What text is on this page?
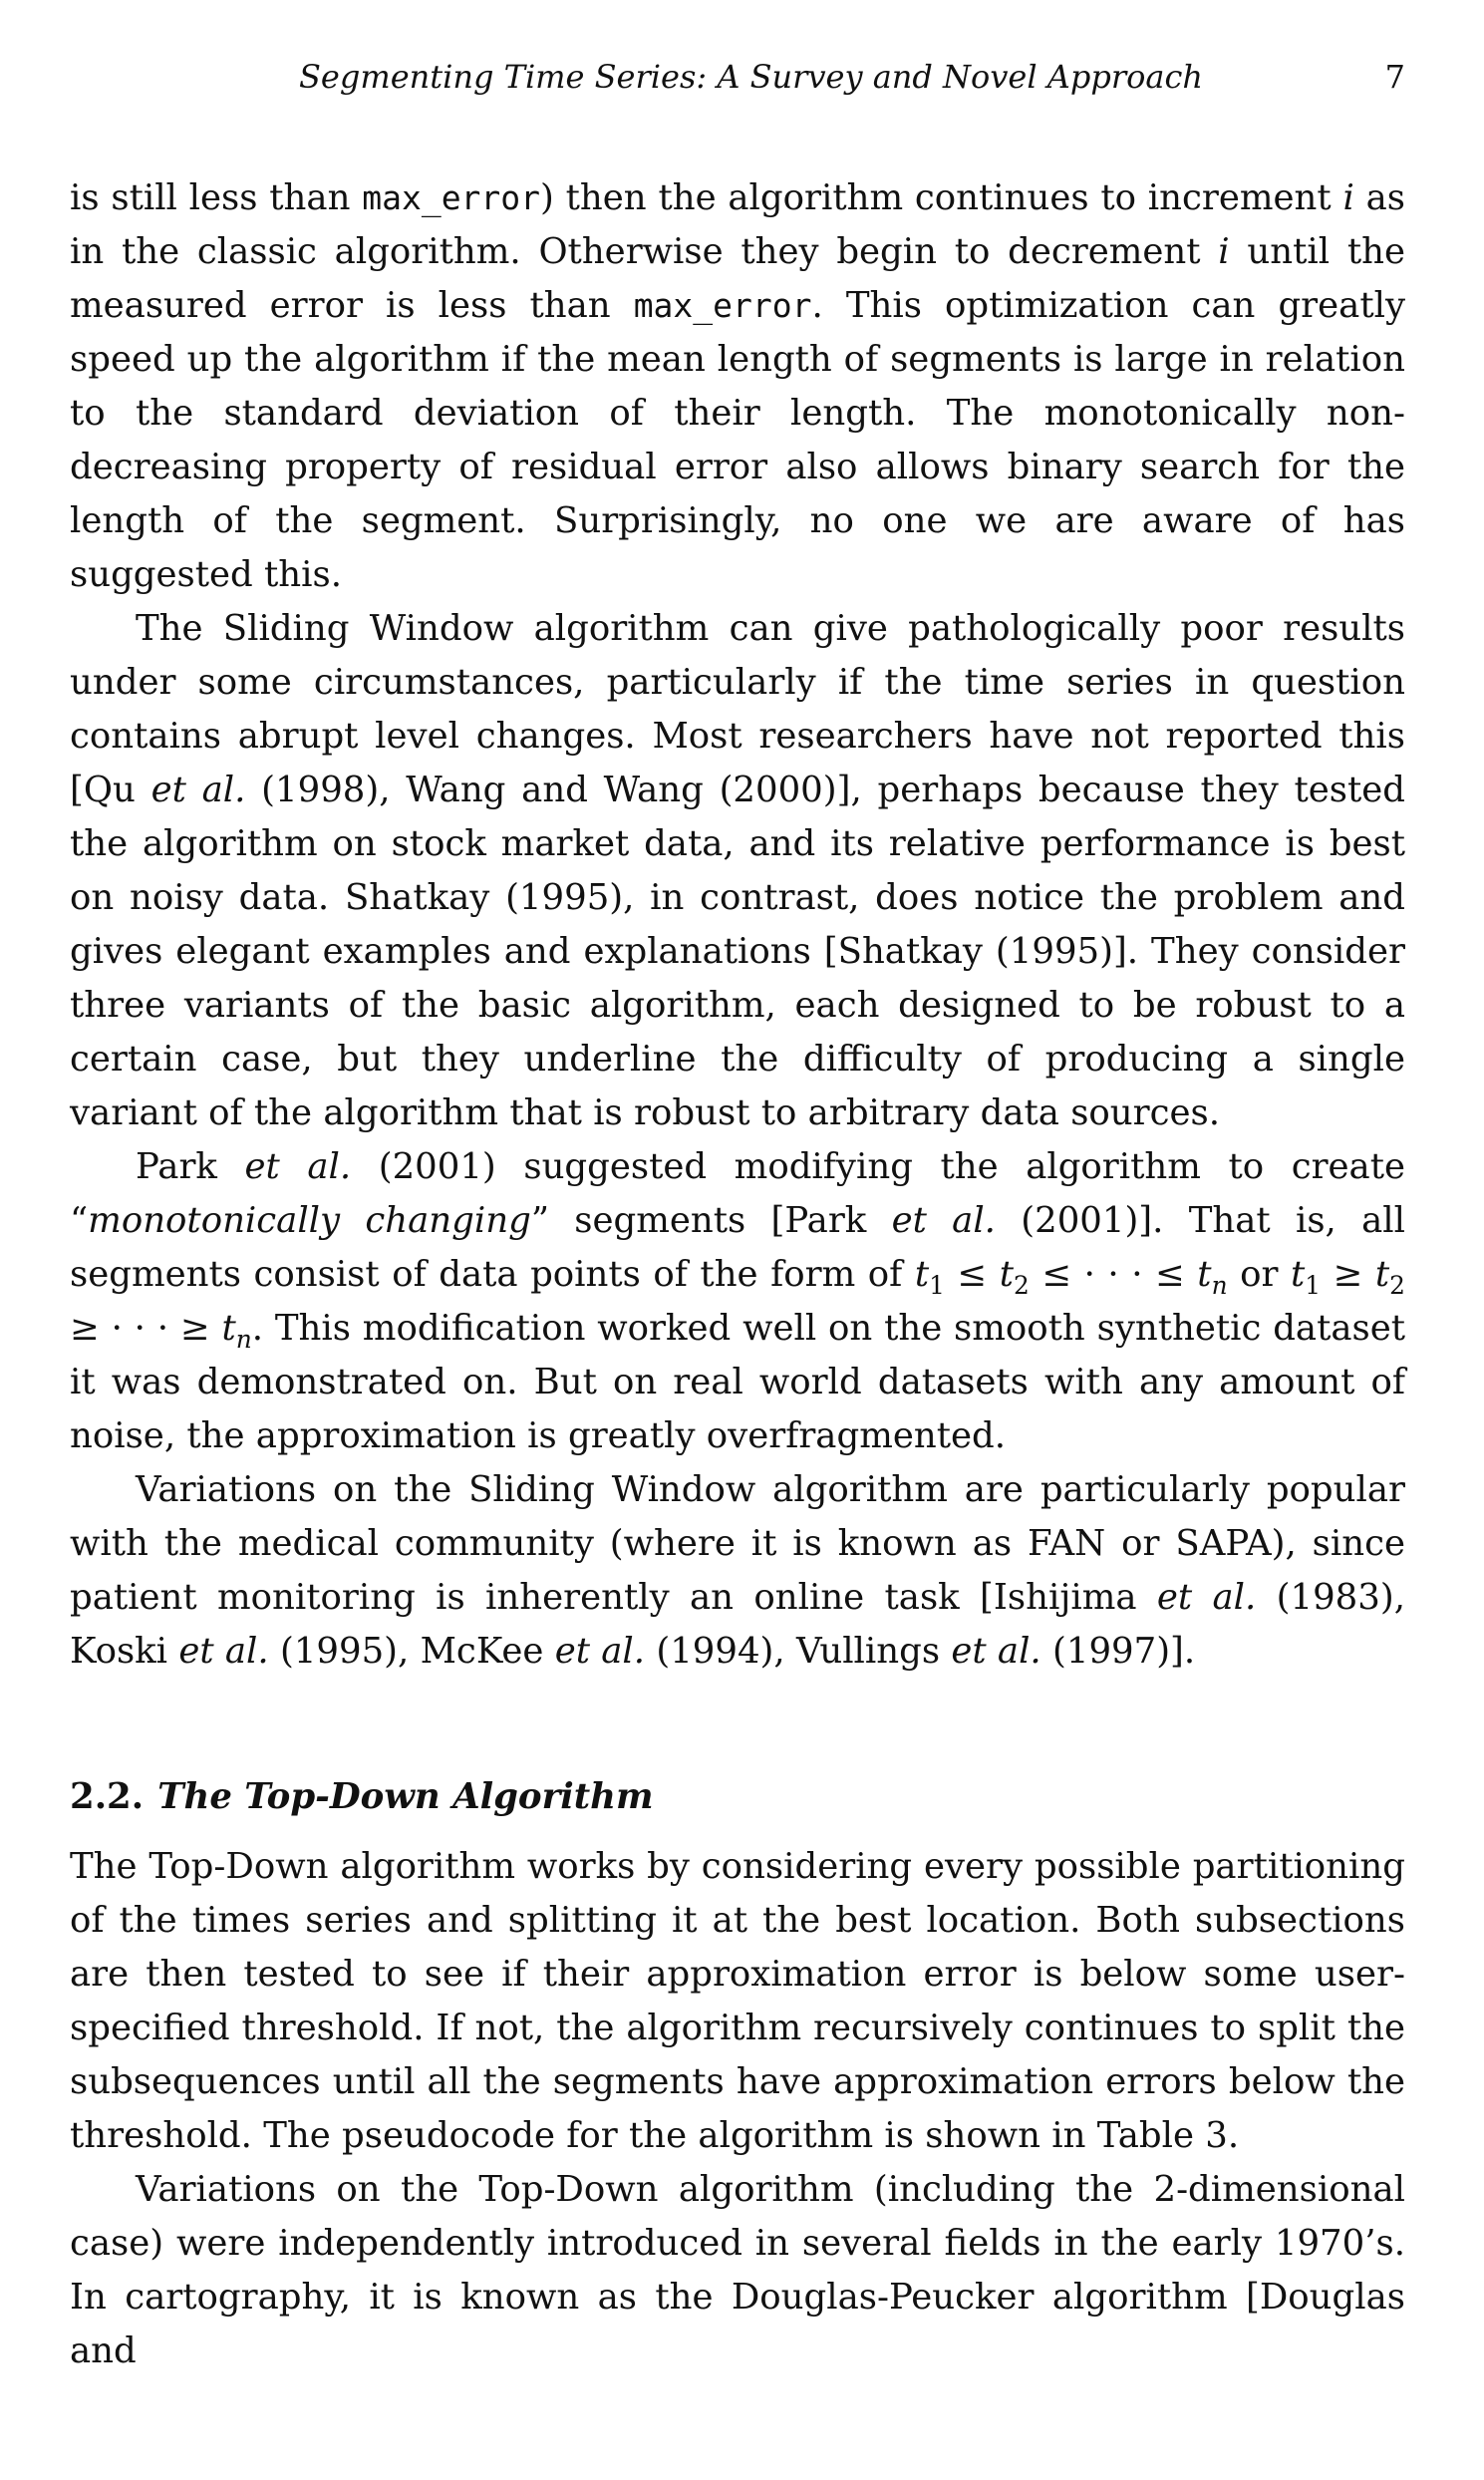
Segmenting Time Series: A Survey and Novel Approach	7

is still less than max_error) then the algorithm continues to increment i as in the classic algorithm. Otherwise they begin to decrement i until the measured error is less than max_error. This optimization can greatly speed up the algorithm if the mean length of segments is large in relation to the standard deviation of their length. The monotonically non-decreasing property of residual error also allows binary search for the length of the segment. Surprisingly, no one we are aware of has suggested this.

The Sliding Window algorithm can give pathologically poor results under some circumstances, particularly if the time series in question contains abrupt level changes. Most researchers have not reported this [Qu et al. (1998), Wang and Wang (2000)], perhaps because they tested the algorithm on stock market data, and its relative performance is best on noisy data. Shatkay (1995), in contrast, does notice the problem and gives elegant examples and explanations [Shatkay (1995)]. They consider three variants of the basic algorithm, each designed to be robust to a certain case, but they underline the difficulty of producing a single variant of the algorithm that is robust to arbitrary data sources.

Park et al. (2001) suggested modifying the algorithm to create “monotonically changing” segments [Park et al. (2001)]. That is, all segments consist of data points of the form of $t_1 \le t_2$ ≤ · · · ≤ $t_n$ or $t_1 \ge t_2$ ≥ · · · ≥ $t_n$. This modification worked well on the smooth synthetic dataset it was demonstrated on. But on real world datasets with any amount of noise, the approximation is greatly overfragmented.

Variations on the Sliding Window algorithm are particularly popular with the medical community (where it is known as FAN or SAPA), since patient monitoring is inherently an online task [Ishijima et al. (1983), Koski et al. (1995), McKee et al. (1994), Vullings et al. (1997)].

2.2. The Top-Down Algorithm

The Top-Down algorithm works by considering every possible partitioning of the times series and splitting it at the best location. Both subsections are then tested to see if their approximation error is below some user-specified threshold. If not, the algorithm recursively continues to split the subsequences until all the segments have approximation errors below the threshold. The pseudocode for the algorithm is shown in Table 3.

Variations on the Top-Down algorithm (including the 2-dimensional case) were independently introduced in several fields in the early 1970’s. In cartography, it is known as the Douglas-Peucker algorithm [Douglas and
